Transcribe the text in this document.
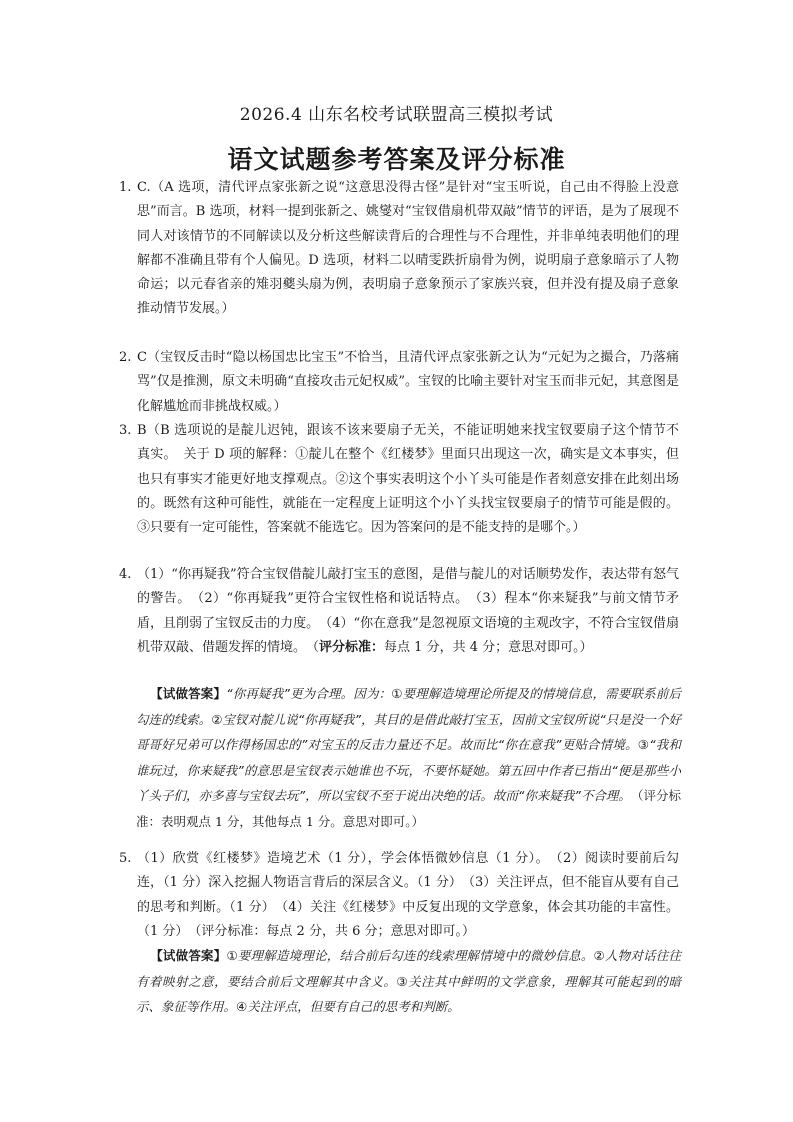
2026.4 山东名校考试联盟高三模拟考试
语文试题参考答案及评分标准
1. C.（A 选项，清代评点家张新之说“这意思没得古怪”是针对“宝玉听说，自己由不得脸上没意思”而言。B 选项，材料一提到张新之、姚燮对“宝钗借扇机带双敲”情节的评语，是为了展现不同人对该情节的不同解读以及分析这些解读背后的合理性与不合理性，并非单纯表明他们的理解都不准确且带有个人偏见。D 选项，材料二以晴雯跌折扇骨为例，说明扇子意象暗示了人物命运；以元春省亲的雉羽夔头扇为例，表明扇子意象预示了家族兴衰，但并没有提及扇子意象推动情节发展。）
2. C（宝钗反击时“隐以杨国忠比宝玉”不恰当，且清代评点家张新之认为“元妃为之撮合，乃落痛骂”仅是推测，原文未明确“直接攻击元妃权威”。宝钗的比喻主要针对宝玉而非元妃，其意图是化解尴尬而非挑战权威。）
3. B（B 选项说的是靛儿迟钝，跟该不该来要扇子无关，不能证明她来找宝钗要扇子这个情节不真实。　关于 D 项的解释：①靛儿在整个《红楼梦》里面只出现这一次，确实是文本事实，但也只有事实才能更好地支撑观点。②这个事实表明这个小丫头可能是作者刻意安排在此刻出场的。既然有这种可能性，就能在一定程度上证明这个小丫头找宝钗要扇子的情节可能是假的。③只要有一定可能性，答案就不能选它。因为答案问的是不能支持的是哪个。）
4. （1）“你再疑我”符合宝钗借靛儿敲打宝玉的意图，是借与靛儿的对话顺势发作，表达带有怒气的警告。　（2）“你再疑我”更符合宝钗性格和说话特点。　（3）程本“你来疑我”与前文情节矛盾，且削弱了宝钗反击的力度。　（4）“你在意我”是忽视原文语境的主观改字，不符合宝钗借扇机带双敲、借题发挥的情境。　（评分标准：每点 1 分，共 4 分；意思对即可。）
【试做答案】“你再疑我”更为合理。因为：①要理解造境理论所提及的情境信息，需要联系前后勾连的线索。②宝钗对靛儿说“你再疑我”，其目的是借此敲打宝玉，因前文宝钗所说“只是没一个好哥哥好兄弟可以作得杨国忠的”对宝玉的反击力量还不足。故而比“你在意我”更贴合情境。③“我和谁玩过，你来疑我”的意思是宝钗表示她谁也不玩，不要怀疑她。第五回中作者已指出“便是那些小丫头子们，亦多喜与宝钗去玩”，所以宝钗不至于说出决绝的话。故而“你来疑我”不合理。　（评分标准：表明观点 1 分，其他每点 1 分。意思对即可。）
5. （1）欣赏《红楼梦》造境艺术（1 分），学会体悟微妙信息（1 分）。　（2）阅读时要前后勾连，（1 分）深入挖掘人物语言背后的深层含义。（1 分）　（3）关注评点，但不能盲从要有自己的思考和判断。（1 分）　（4）关注《红楼梦》中反复出现的文学意象，体会其功能的丰富性。（1 分）　（评分标准：每点 2 分，共 6 分；意思对即可。）
【试做答案】①要理解造境理论，结合前后勾连的线索理解情境中的微妙信息。②人物对话往往有着映射之意，要结合前后文理解其中含义。③关注其中鲜明的文学意象，理解其可能起到的暗示、象征等作用。④关注评点，但要有自己的思考和判断。
